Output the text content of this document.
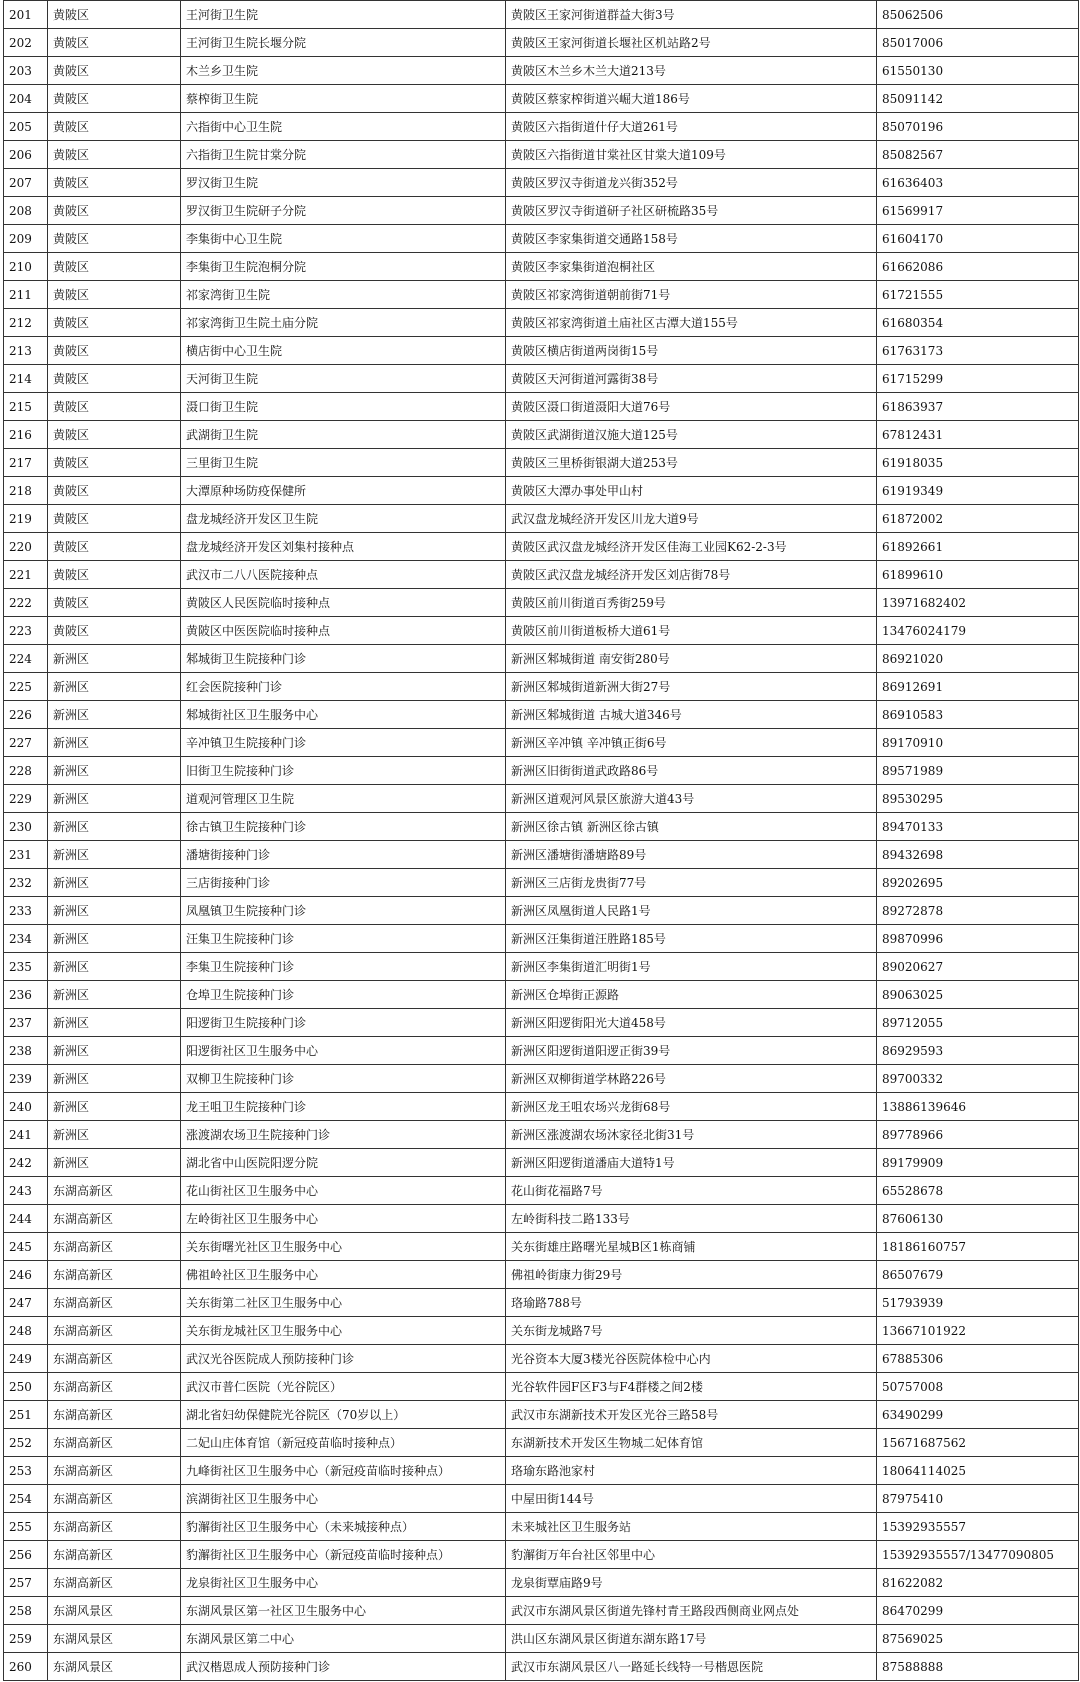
201	黄陂区	王河街卫生院	黄陂区王家河街道群益大街3号	85062506
202	黄陂区	王河街卫生院长堰分院	黄陂区王家河街道长堰社区机站路2号	85017006
203	黄陂区	木兰乡卫生院	黄陂区木兰乡木兰大道213号	61550130
204	黄陂区	蔡榨街卫生院	黄陂区蔡家榨街道兴崛大道186号	85091142
205	黄陂区	六指街中心卫生院	黄陂区六指街道什仔大道261号	85070196
206	黄陂区	六指街卫生院甘棠分院	黄陂区六指街道甘棠社区甘棠大道109号	85082567
207	黄陂区	罗汉街卫生院	黄陂区罗汉寺街道龙兴街352号	61636403
208	黄陂区	罗汉街卫生院研子分院	黄陂区罗汉寺街道研子社区研梳路35号	61569917
209	黄陂区	李集街中心卫生院	黄陂区李家集街道交通路158号	61604170
210	黄陂区	李集街卫生院泡桐分院	黄陂区李家集街道泡桐社区	61662086
211	黄陂区	祁家湾街卫生院	黄陂区祁家湾街道朝前街71号	61721555
212	黄陂区	祁家湾街卫生院土庙分院	黄陂区祁家湾街道土庙社区古潭大道155号	61680354
213	黄陂区	横店街中心卫生院	黄陂区横店街道两岗街15号	61763173
214	黄陂区	天河街卫生院	黄陂区天河街道河露街38号	61715299
215	黄陂区	滠口街卫生院	黄陂区滠口街道滠阳大道76号	61863937
216	黄陂区	武湖街卫生院	黄陂区武湖街道汉施大道125号	67812431
217	黄陂区	三里街卫生院	黄陂区三里桥街银湖大道253号	61918035
218	黄陂区	大潭原种场防疫保健所	黄陂区大潭办事处甲山村	61919349
219	黄陂区	盘龙城经济开发区卫生院	武汉盘龙城经济开发区川龙大道9号	61872002
220	黄陂区	盘龙城经济开发区刘集村接种点	黄陂区武汉盘龙城经济开发区佳海工业园K62-2-3号	61892661
221	黄陂区	武汉市二八八医院接种点	黄陂区武汉盘龙城经济开发区刘店街78号	61899610
222	黄陂区	黄陂区人民医院临时接种点	黄陂区前川街道百秀街259号	13971682402
223	黄陂区	黄陂区中医医院临时接种点	黄陂区前川街道板桥大道61号	13476024179
224	新洲区	邾城街卫生院接种门诊	新洲区邾城街道 南安街280号	86921020
225	新洲区	红会医院接种门诊	新洲区邾城街道新洲大街27号	86912691
226	新洲区	邾城街社区卫生服务中心	新洲区邾城街道 古城大道346号	86910583
227	新洲区	辛冲镇卫生院接种门诊	新洲区辛冲镇 辛冲镇正街6号	89170910
228	新洲区	旧街卫生院接种门诊	新洲区旧街街道武政路86号	89571989
229	新洲区	道观河管理区卫生院	新洲区道观河风景区旅游大道43号	89530295
230	新洲区	徐古镇卫生院接种门诊	新洲区徐古镇 新洲区徐古镇	89470133
231	新洲区	潘塘街接种门诊	新洲区潘塘街潘塘路89号	89432698
232	新洲区	三店街接种门诊	新洲区三店街龙贵街77号	89202695
233	新洲区	凤凰镇卫生院接种门诊	新洲区凤凰街道人民路1号	89272878
234	新洲区	汪集卫生院接种门诊	新洲区汪集街道汪胜路185号	89870996
235	新洲区	李集卫生院接种门诊	新洲区李集街道汇明街1号	89020627
236	新洲区	仓埠卫生院接种门诊	新洲区仓埠街正源路	89063025
237	新洲区	阳逻街卫生院接种门诊	新洲区阳逻街阳光大道458号	89712055
238	新洲区	阳逻街社区卫生服务中心	新洲区阳逻街道阳逻正街39号	86929593
239	新洲区	双柳卫生院接种门诊	新洲区双柳街道学林路226号	89700332
240	新洲区	龙王咀卫生院接种门诊	新洲区龙王咀农场兴龙街68号	13886139646
241	新洲区	涨渡湖农场卫生院接种门诊	新洲区涨渡湖农场沐家径北街31号	89778966
242	新洲区	湖北省中山医院阳逻分院	新洲区阳逻街道潘庙大道特1号	89179909
243	东湖高新区	花山街社区卫生服务中心	花山街花福路7号	65528678
244	东湖高新区	左岭街社区卫生服务中心	左岭街科技二路133号	87606130
245	东湖高新区	关东街曙光社区卫生服务中心	关东街雄庄路曙光星城B区1栋商铺	18186160757
246	东湖高新区	佛祖岭社区卫生服务中心	佛祖岭街康力街29号	86507679
247	东湖高新区	关东街第二社区卫生服务中心	珞瑜路788号	51793939
248	东湖高新区	关东街龙城社区卫生服务中心	关东街龙城路7号	13667101922
249	东湖高新区	武汉光谷医院成人预防接种门诊	光谷资本大厦3楼光谷医院体检中心内	67885306
250	东湖高新区	武汉市普仁医院（光谷院区）	光谷软件园F区F3与F4群楼之间2楼	50757008
251	东湖高新区	湖北省妇幼保健院光谷院区（70岁以上）	武汉市东湖新技术开发区光谷三路58号	63490299
252	东湖高新区	二妃山庄体育馆（新冠疫苗临时接种点）	东湖新技术开发区生物城二妃体育馆	15671687562
253	东湖高新区	九峰街社区卫生服务中心（新冠疫苗临时接种点）	珞瑜东路池家村	18064114025
254	东湖高新区	滨湖街社区卫生服务中心	中屋田街144号	87975410
255	东湖高新区	豹澥街社区卫生服务中心（未来城接种点）	未来城社区卫生服务站	15392935557
256	东湖高新区	豹澥街社区卫生服务中心（新冠疫苗临时接种点）	豹澥街万年台社区邻里中心	15392935557/13477090805
257	东湖高新区	龙泉街社区卫生服务中心	龙泉街覃庙路9号	81622082
258	东湖风景区	东湖风景区第一社区卫生服务中心	武汉市东湖风景区街道先锋村青王路段西侧商业网点处	86470299
259	东湖风景区	东湖风景区第二中心	洪山区东湖风景区街道东湖东路17号	87569025
260	东湖风景区	武汉楷恩成人预防接种门诊	武汉市东湖风景区八一路延长线特一号楷恩医院	87588888
